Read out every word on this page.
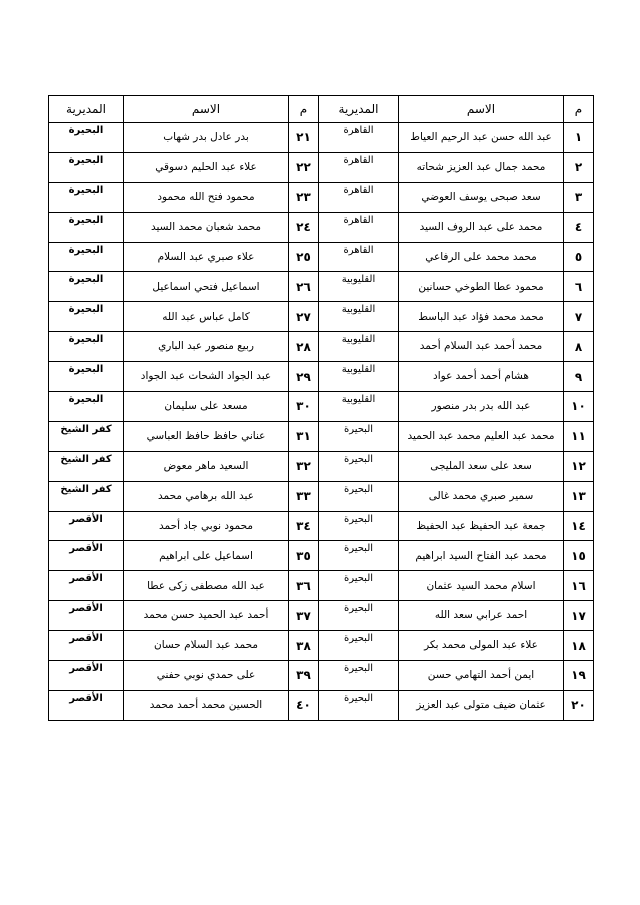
م	الاسم	المديرية	م	الاسم	المديرية
١	عبد الله حسن عبد الرحيم العياط	القاهرة	٢١	بدر عادل بدر شهاب	البحيرة
٢	محمد جمال عبد العزيز شحاته	القاهرة	٢٢	علاء عبد الحليم دسوقي	البحيرة
٣	سعد صبحى يوسف العوضي	القاهرة	٢٣	محمود فتح الله محمود	البحيرة
٤	محمد على عبد الروف السيد	القاهرة	٢٤	محمد شعبان محمد السيد	البحيرة
٥	محمد محمد على الرفاعي	القاهرة	٢٥	علاء صبري عبد السلام	البحيرة
٦	محمود عطا الطوخي حسانين	القليوبية	٢٦	اسماعيل فتحي اسماعيل	البحيرة
٧	محمد محمد فؤاد عبد الباسط	القليوبية	٢٧	كامل عباس عبد الله	البحيرة
٨	محمد أحمد عبد السلام أحمد	القليوبية	٢٨	ربيع منصور عبد الباري	البحيرة
٩	هشام أحمد أحمد عواد	القليوبية	٢٩	عبد الجواد الشحات عبد الجواد	البحيرة
١٠	عبد الله بدر بدر منصور	القليوبية	٣٠	مسعد على سليمان	البحيرة
١١	محمد عبد العليم محمد عبد الحميد	البحيرة	٣١	عناني حافظ حافظ العباسي	كفر الشيخ
١٢	سعد على سعد المليجى	البحيرة	٣٢	السعيد ماهر معوض	كفر الشيخ
١٣	سمير صبري محمد غالى	البحيرة	٣٣	عبد الله برهامي محمد	كفر الشيخ
١٤	جمعة عبد الحفيظ عبد الحفيظ	البحيرة	٣٤	محمود نوبي جاد أحمد	الأقصر
١٥	محمد عبد الفتاح السيد ابراهيم	البحيرة	٣٥	اسماعيل على ابراهيم	الأقصر
١٦	اسلام محمد السيد عثمان	البحيرة	٣٦	عبد الله مصطفى زكى عطا	الأقصر
١٧	احمد عرابي سعد الله	البحيرة	٣٧	أحمد عبد الحميد حسن محمد	الأقصر
١٨	علاء عبد المولى محمد بكر	البحيرة	٣٨	محمد عبد السلام حسان	الأقصر
١٩	ايمن أحمد التهامي حسن	البحيرة	٣٩	على حمدي نوبي حفني	الأقصر
٢٠	عثمان ضيف متولى عبد العزيز	البحيرة	٤٠	الحسين محمد أحمد محمد	الأقصر
